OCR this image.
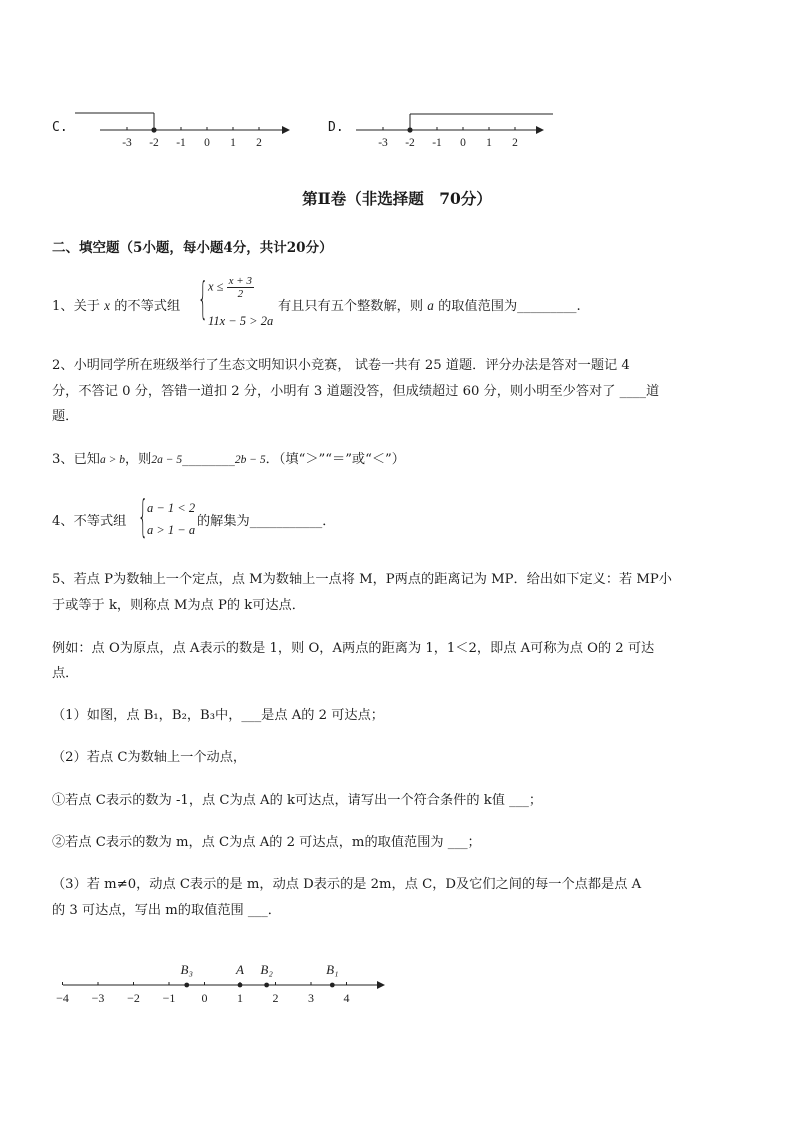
C.
-3 -2 -1 0 1 2
D.
-3 -2 -1 0 1 2
第Ⅱ卷（非选择题　70分）
二、填空题（5小题，每小题4分，共计20分）
1、关于 x 的不等式组 { $x \le \frac{x + 3}{2}$
11x − 5 > 2a
有且只有五个整数解，则 a 的取值范围为_________.
2、小明同学所在班级举行了生态文明知识小竞赛， 试卷一共有 25 道题．评分办法是答对一题记 4
分，不答记 0 分，答错一道扣 2 分，小明有 3 道题没答，但成绩超过 60 分，则小明至少答对了 ____道
题．
3、已知a > b，则2a − 5________2b − 5．（填“＞”“＝”或“＜”）
4、不等式组 { a − 1 < 2
a > 1 − a
的解集为___________．
5、若点 P为数轴上一个定点，点 M为数轴上一点将 M，P两点的距离记为 MP．给出如下定义：若 MP小
于或等于 k，则称点 M为点 P的 k可达点．
例如：点 O为原点，点 A表示的数是 1，则 O，A两点的距离为 1，1＜2，即点 A可称为点 O的 2 可达
点．
（1）如图，点 B₁，B₂，B₃中，___是点 A的 2 可达点；
（2）若点 C为数轴上一个动点，
①若点 C表示的数为 -1，点 C为点 A的 k可达点，请写出一个符合条件的 k值 ___；
②若点 C表示的数为 m，点 C为点 A的 2 可达点，m的取值范围为 ___；
（3）若 m≠0，动点 C表示的是 m，动点 D表示的是 2m，点 C，D及它们之间的每一个点都是点 A
的 3 可达点，写出 m的取值范围 ___．
−4 −3 −2 −1 0 1 2 3 4
B₃	A B₂	B₁
